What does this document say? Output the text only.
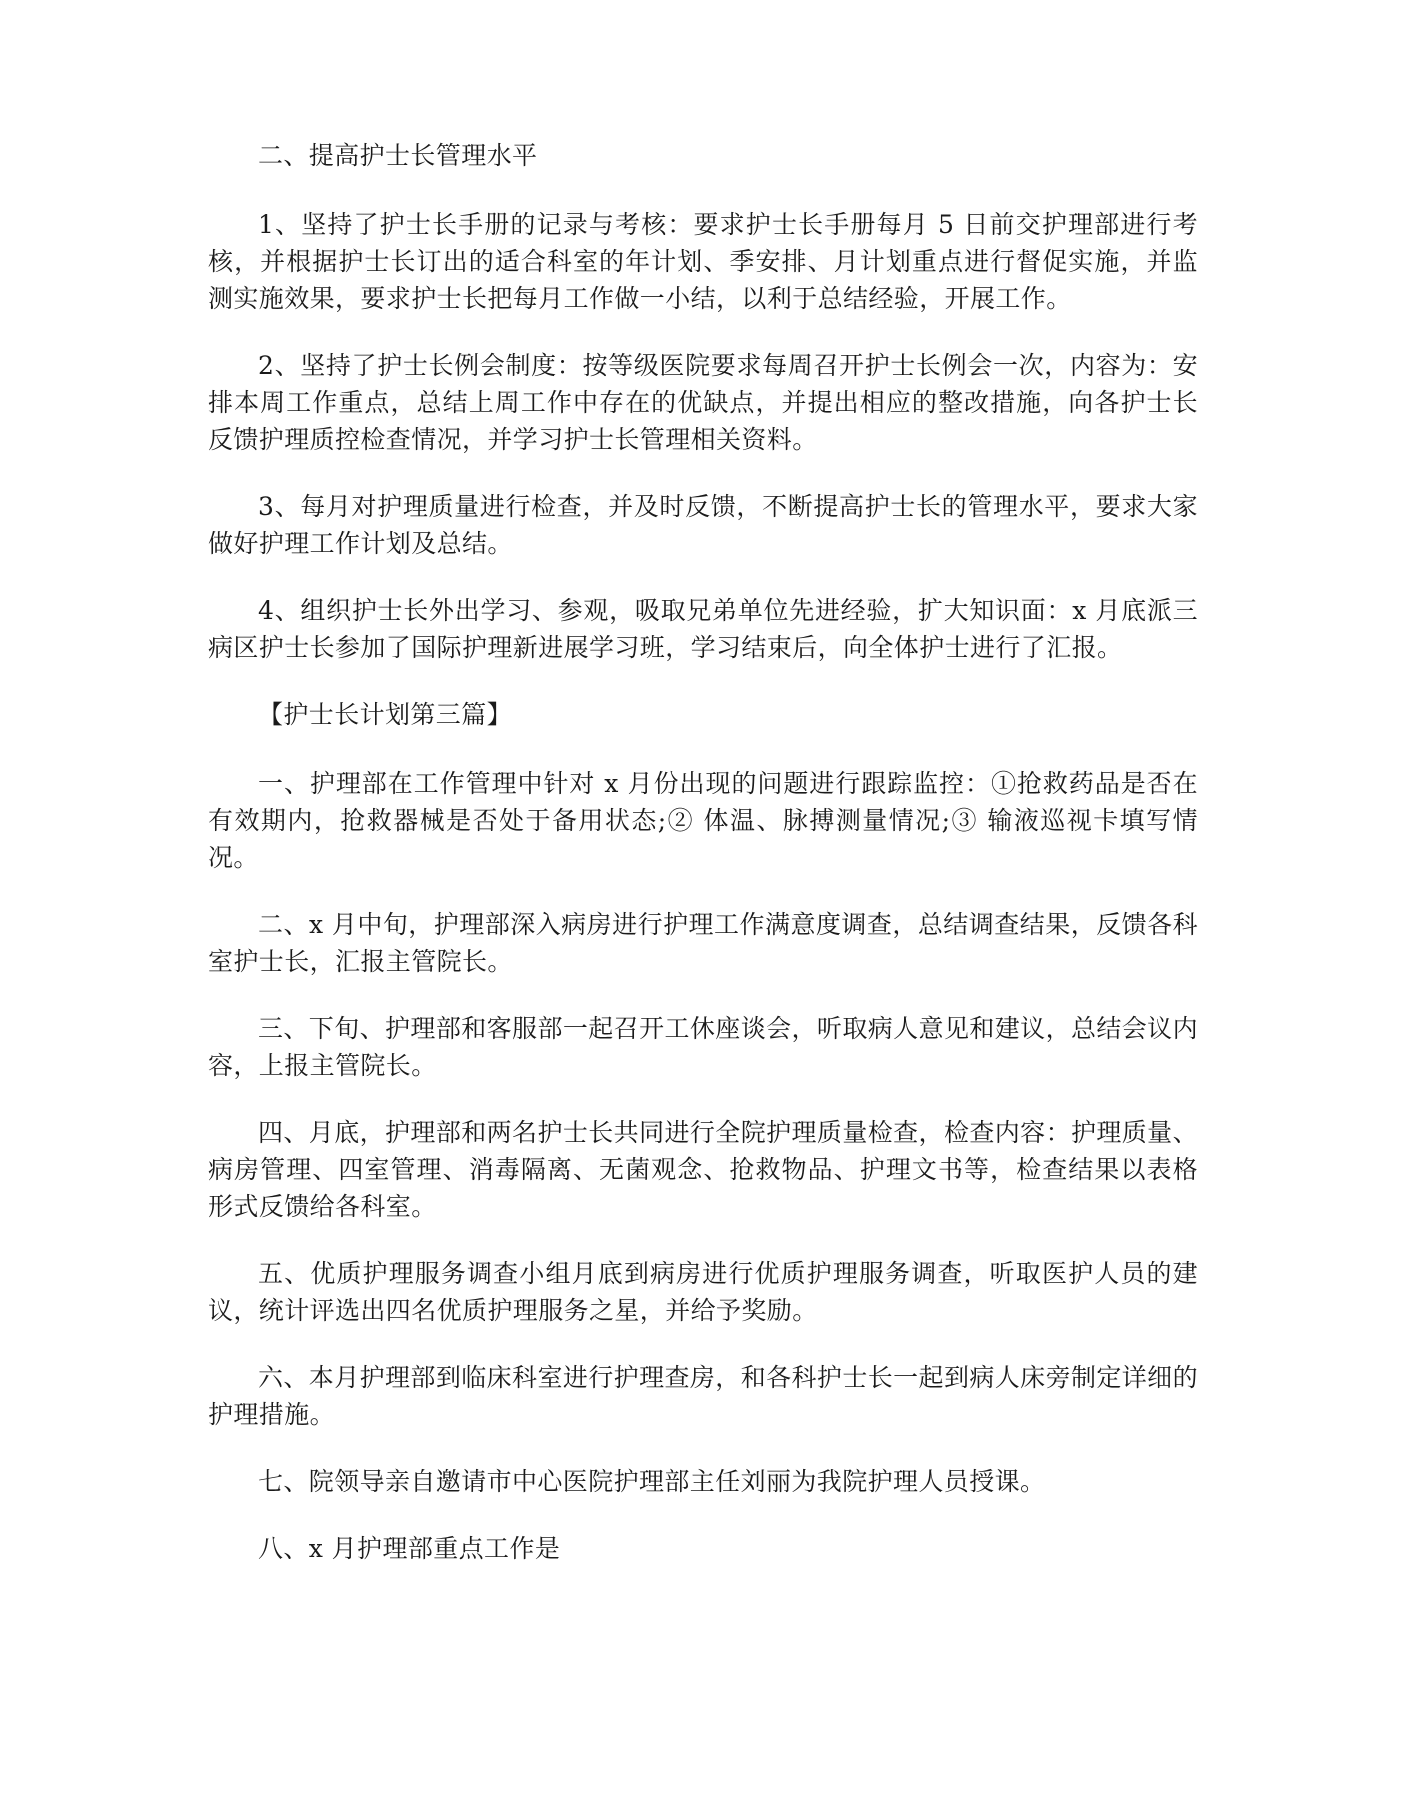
二、提高护士长管理水平

1、坚持了护士长手册的记录与考核：要求护士长手册每月 5 日前交护理部进行考核，并根据护士长订出的适合科室的年计划、季安排、月计划重点进行督促实施，并监测实施效果，要求护士长把每月工作做一小结，以利于总结经验，开展工作。

2、坚持了护士长例会制度：按等级医院要求每周召开护士长例会一次，内容为：安排本周工作重点，总结上周工作中存在的优缺点，并提出相应的整改措施，向各护士长反馈护理质控检查情况，并学习护士长管理相关资料。

3、每月对护理质量进行检查，并及时反馈，不断提高护士长的管理水平，要求大家做好护理工作计划及总结。

4、组织护士长外出学习、参观，吸取兄弟单位先进经验，扩大知识面：x 月底派三病区护士长参加了国际护理新进展学习班，学习结束后，向全体护士进行了汇报。

【护士长计划第三篇】

一、护理部在工作管理中针对 x 月份出现的问题进行跟踪监控：①抢救药品是否在有效期内，抢救器械是否处于备用状态;② 体温、脉搏测量情况;③ 输液巡视卡填写情况。

二、x 月中旬，护理部深入病房进行护理工作满意度调查，总结调查结果，反馈各科室护士长，汇报主管院长。

三、下旬、护理部和客服部一起召开工休座谈会，听取病人意见和建议，总结会议内容，上报主管院长。

四、月底，护理部和两名护士长共同进行全院护理质量检查，检查内容：护理质量、病房管理、四室管理、消毒隔离、无菌观念、抢救物品、护理文书等，检查结果以表格形式反馈给各科室。

五、优质护理服务调查小组月底到病房进行优质护理服务调查，听取医护人员的建议，统计评选出四名优质护理服务之星，并给予奖励。

六、本月护理部到临床科室进行护理查房，和各科护士长一起到病人床旁制定详细的护理措施。

七、院领导亲自邀请市中心医院护理部主任刘丽为我院护理人员授课。

八、x 月护理部重点工作是
